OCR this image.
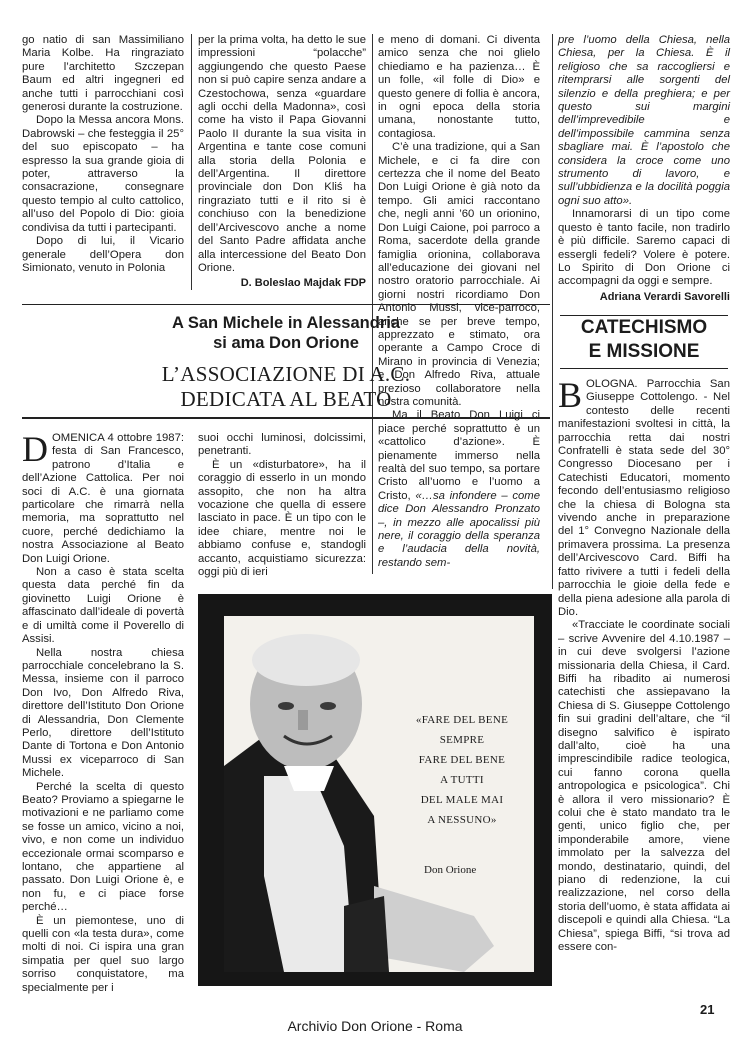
go natio di san Massimiliano Maria Kolbe. Ha ringraziato pure l’architetto Szczepan Baum ed altri ingegneri ed anche tutti i parrocchiani così generosi durante la costruzione.

Dopo la Messa ancora Mons. Dabrowski – che festeggia il 25° del suo episcopato – ha espresso la sua grande gioia di poter, attraverso la consacrazione, consegnare questo tempio al culto cattolico, all’uso del Popolo di Dio: gioia condivisa da tutti i partecipanti.

Dopo di lui, il Vicario generale dell’Opera don Simionato, venuto in Polonia

per la prima volta, ha detto le sue impressioni “polacche” aggiungendo che questo Paese non si può capire senza andare a Czestochowa, senza «guardare agli occhi della Madonna», così come ha visto il Papa Giovanni Paolo II durante la sua visita in Argentina e tante cose comuni alla storia della Polonia e dell’Argentina. Il direttore provinciale don Don Kliś ha ringraziato tutti e il rito si è conchiuso con la benedizione dell’Arcivescovo anche a nome del Santo Padre affidata anche alla intercessione del Beato Don Orione.

D. Boleslao Majdak FDP

e meno di domani. Ci diventa amico senza che noi glielo chiediamo e ha pazienza… È un folle, «il folle di Dio» e questo genere di follia è ancora, in ogni epoca della storia umana, nonostante tutto, contagiosa.

C’è una tradizione, qui a San Michele, e ci fa dire con certezza che il nome del Beato Don Luigi Orione è già noto da tempo. Gli amici raccontano che, negli anni ’60 un orionino, Don Luigi Caione, poi parroco a Roma, sacerdote della grande famiglia orionina, collaborava all’educazione dei giovani nel nostro oratorio parrocchiale. Ai giorni nostri ricordiamo Don Antonio Mussi, vice-parroco, anche se per breve tempo, apprezzato e stimato, ora operante a Campo Croce di Mirano in provincia di Venezia; e Don Alfredo Riva, attuale prezioso collaboratore nella nostra comunità.

Ma il Beato Don Luigi ci piace perché soprattutto è un «cattolico d’azione». È pienamente immerso nella realtà del suo tempo, sa portare Cristo all’uomo e l’uomo a Cristo, «…sa infondere – come dice Don Alessandro Pronzato –, in mezzo alle apocalissi più nere, il coraggio della speranza e l’audacia della novità, restando sem-

pre l’uomo della Chiesa, nella Chiesa, per la Chiesa. È il religioso che sa raccogliersi e ritemprarsi alle sorgenti del silenzio e della preghiera; e per questo sui margini dell’imprevedibile e dell’impossibile cammina senza sbagliare mai. È l’apostolo che considera la croce come uno strumento di lavoro, e sull’ubbidienza e la docilità poggia ogni suo atto».

Innamorarsi di un tipo come questo è tanto facile, non tradirlo è più difficile. Saremo capaci di essergli fedeli? Volere è potere. Lo Spirito di Don Orione ci accompagni da oggi e sempre.

Adriana Verardi Savorelli
A San Michele in Alessandria
si ama Don Orione
L’ASSOCIAZIONE DI A.C.
DEDICATA AL BEATO

DOMENICA 4 ottobre 1987: festa di San Francesco, patrono d’Italia e dell’Azione Cattolica. Per noi soci di A.C. è una giornata particolare che rimarrà nella memoria, ma soprattutto nel cuore, perché dedichiamo la nostra Associazione al Beato Don Luigi Orione.

Non a caso è stata scelta questa data perché fin da giovinetto Luigi Orione è affascinato dall’ideale di povertà e di umiltà come il Poverello di Assisi.

Nella nostra chiesa parrocchiale concelebrano la S. Messa, insieme con il parroco Don Ivo, Don Alfredo Riva, direttore dell’Istituto Don Orione di Alessandria, Don Clemente Perlo, direttore dell’Istituto Dante di Tortona e Don Antonio Mussi ex viceparroco di San Michele.

Perché la scelta di questo Beato? Proviamo a spiegarne le motivazioni e ne parliamo come se fosse un amico, vicino a noi, vivo, e non come un individuo eccezionale ormai scomparso e lontano, che appartiene al passato. Don Luigi Orione è, e non fu, e ci piace forse perché…

È un piemontese, uno di quelli con «la testa dura», come molti di noi. Ci ispira una gran simpatia per quel suo largo sorriso conquistatore, ma specialmente per i

suoi occhi luminosi, dolcissimi, penetranti.

È un «disturbatore», ha il coraggio di esserlo in un mondo assopito, che non ha altra vocazione che quella di essere lasciato in pace. È un tipo con le idee chiare, mentre noi le abbiamo confuse e, standogli accanto, acquistiamo sicurezza: oggi più di ieri

CATECHISMO
E MISSIONE

BOLOGNA. Parrocchia San Giuseppe Cottolengo. - Nel contesto delle recenti manifestazioni svoltesi in città, la parrocchia retta dai nostri Confratelli è stata sede del 30° Congresso Diocesano per i Catechisti Educatori, momento fecondo dell’entusiasmo religioso che la chiesa di Bologna sta vivendo anche in preparazione del 1° Convegno Nazionale della primavera prossima. La presenza dell’Arcivescovo Card. Biffi ha fatto rivivere a tutti i fedeli della parrocchia le gioie della fede e della piena adesione alla parola di Dio.

«Tracciate le coordinate sociali – scrive Avvenire del 4.10.1987 – in cui deve svolgersi l’azione missionaria della Chiesa, il Card. Biffi ha ribadito ai numerosi catechisti che assiepavano la Chiesa di S. Giuseppe Cottolengo fin sui gradini dell’altare, che “il disegno salvifico è ispirato dall’alto, cioè ha una imprescindibile radice teologica, cui fanno corona quella antropologica e psicologica”. Chi è allora il vero missionario? È colui che è stato mandato tra le genti, unico figlio che, per imponderabile amore, viene immolato per la salvezza del mondo, destinatario, quindi, del piano di redenzione, la cui realizzazione, nel corso della storia dell’uomo, è stata affidata ai discepoli e quindi alla Chiesa. “La Chiesa”, spiega Biffi, “si trova ad essere con-

«FARE DEL BENE
SEMPRE
FARE DEL BENE
A TUTTI
DEL MALE MAI
A NESSUNO»
Don Orione
21
Archivio Don Orione - Roma
